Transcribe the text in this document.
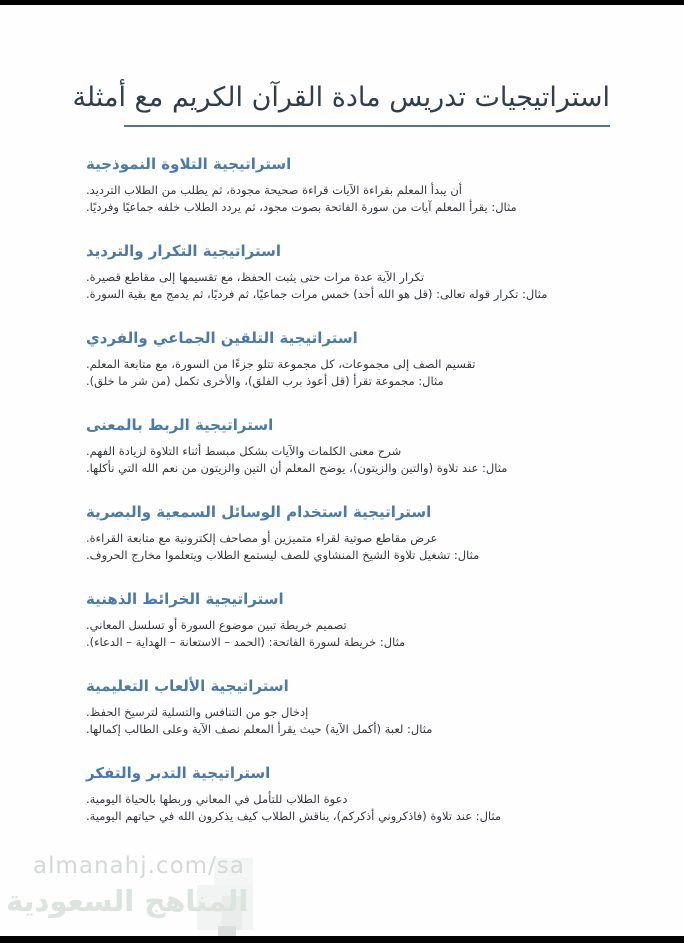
استراتيجيات تدريس مادة القرآن الكريم مع أمثلة
استراتيجية التلاوة النموذجية

أن يبدأ المعلم بقراءة الآيات قراءة صحيحة مجودة، ثم يطلب من الطلاب الترديد.

مثال: يقرأ المعلم آيات من سورة الفاتحة بصوت مجود، ثم يردد الطلاب خلفه جماعيًا وفرديًا.

استراتيجية التكرار والترديد

تكرار الآية عدة مرات حتى يثبت الحفظ، مع تقسيمها إلى مقاطع قصيرة.

مثال: تكرار قوله تعالى: (قل هو الله أحد) خمس مرات جماعيًا، ثم فرديًا، ثم يدمج مع بقية السورة.

استراتيجية التلقين الجماعي والفردي

تقسيم الصف إلى مجموعات، كل مجموعة تتلو جزءًا من السورة، مع متابعة المعلم.

مثال: مجموعة تقرأ (قل أعوذ برب الفلق)، والأخرى تكمل (من شر ما خلق).

استراتيجية الربط بالمعنى

شرح معنى الكلمات والآيات بشكل مبسط أثناء التلاوة لزيادة الفهم.

مثال: عند تلاوة (والتين والزيتون)، يوضح المعلم أن التين والزيتون من نعم الله التي نأكلها.

استراتيجية استخدام الوسائل السمعية والبصرية

عرض مقاطع صوتية لقراء متميزين أو مصاحف إلكترونية مع متابعة القراءة.

مثال: تشغيل تلاوة الشيخ المنشاوي للصف ليستمع الطلاب ويتعلموا مخارج الحروف.

استراتيجية الخرائط الذهنية

تصميم خريطة تبين موضوع السورة أو تسلسل المعاني.

مثال: خريطة لسورة الفاتحة: (الحمد – الاستعانة – الهداية – الدعاء).

استراتيجية الألعاب التعليمية

إدخال جو من التنافس والتسلية لترسيخ الحفظ.

مثال: لعبة (أكمل الآية) حيث يقرأ المعلم نصف الآية وعلى الطالب إكمالها.

استراتيجية التدبر والتفكر

دعوة الطلاب للتأمل في المعاني وربطها بالحياة اليومية.

مثال: عند تلاوة (فاذكروني أذكركم)، يناقش الطلاب كيف يذكرون الله في حياتهم اليومية.

almanahj.com/sa
المناهج السعودية
